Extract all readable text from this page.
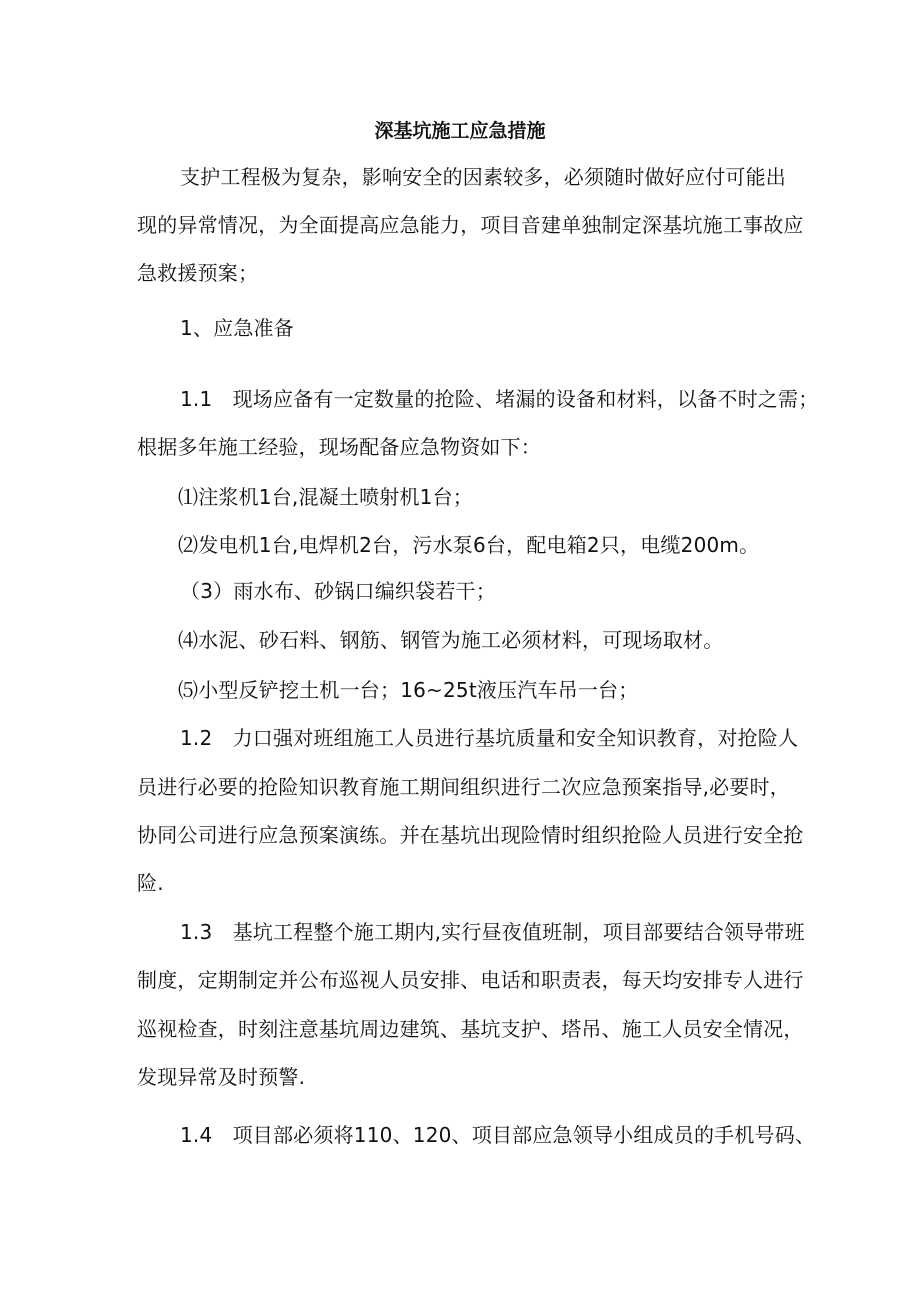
深基坑施工应急措施
支护工程极为复杂，影响安全的因素较多，必须随时做好应付可能出
现的异常情况，为全面提高应急能力，项目音建单独制定深基坑施工事故应
急救援预案；
1、应急准备
1.1　现场应备有一定数量的抢险、堵漏的设备和材料，以备不时之需；
根据多年施工经验，现场配备应急物资如下：
⑴注浆机1台,混凝土喷射机1台；
⑵发电机1台,电焊机2台，污水泵6台，配电箱2只，电缆200m。
（3）雨水布、砂锅口编织袋若干；
⑷水泥、砂石料、钢筋、钢管为施工必须材料，可现场取材。
⑸小型反铲挖土机一台；16~25t液压汽车吊一台；
1.2　力口强对班组施工人员进行基坑质量和安全知识教育，对抢险人
员进行必要的抢险知识教育施工期间组织进行二次应急预案指导,必要时，
协同公司进行应急预案演练。并在基坑出现险情时组织抢险人员进行安全抢
险.
1.3　基坑工程整个施工期内,实行昼夜值班制，项目部要结合领导带班
制度，定期制定并公布巡视人员安排、电话和职责表，每天均安排专人进行
巡视检查，时刻注意基坑周边建筑、基坑支护、塔吊、施工人员安全情况，
发现异常及时预警.
1.4　项目部必须将110、120、项目部应急领导小组成员的手机号码、
